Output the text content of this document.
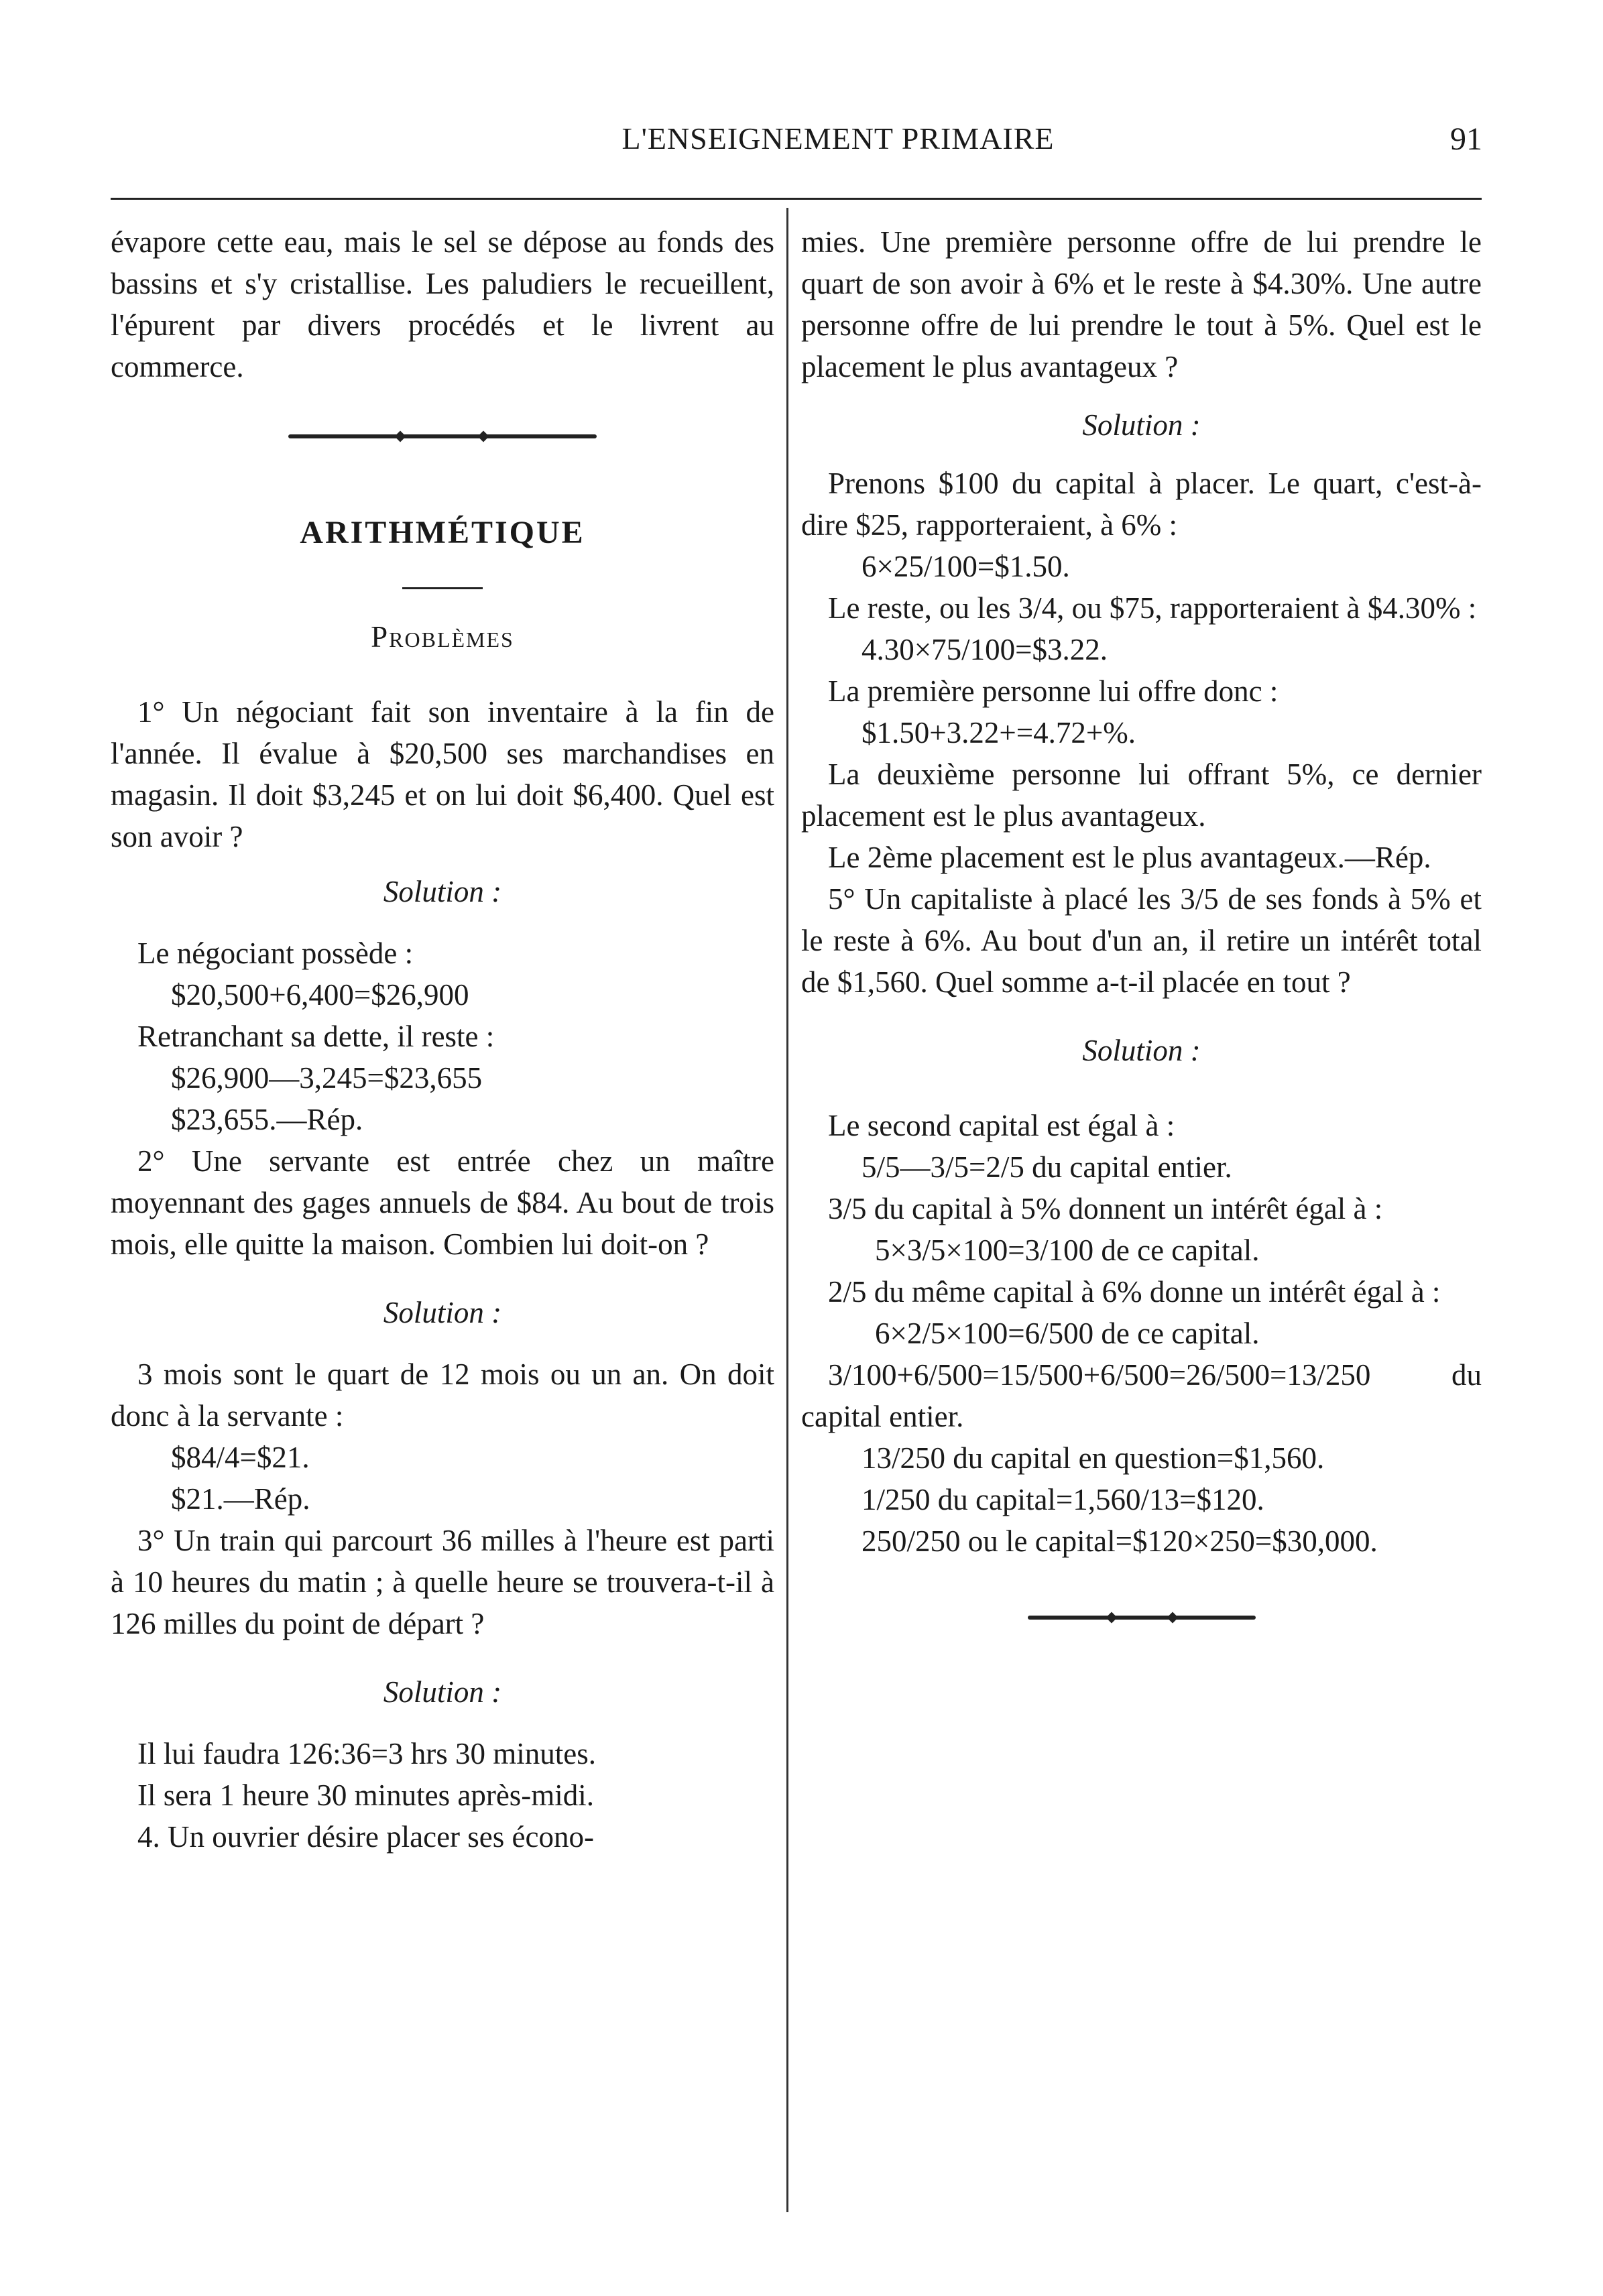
L'ENSEIGNEMENT PRIMAIRE	91

évapore cette eau, mais le sel se dépose au fonds des bassins et s'y cristallise. Les paludiers le recueillent, l'épurent par divers procédés et le livrent au commerce.

ARITHMÉTIQUE

Problèmes

1° Un négociant fait son inventaire à la fin de l'année. Il évalue à $20,500 ses marchandises en magasin. Il doit $3,245 et on lui doit $6,400. Quel est son avoir ?

Solution :

Le négociant possède :

$20,500+6,400=$26,900

Retranchant sa dette, il reste :

$26,900—3,245=$23,655

$23,655.—Rép.

2° Une servante est entrée chez un maître moyennant des gages annuels de $84. Au bout de trois mois, elle quitte la maison. Combien lui doit-on ?

Solution :

3 mois sont le quart de 12 mois ou un an. On doit donc à la servante :

$84/4=$21.

$21.—Rép.

3° Un train qui parcourt 36 milles à l'heure est parti à 10 heures du matin ; à quelle heure se trouvera-t-il à 126 milles du point de départ ?

Solution :

Il lui faudra 126:36=3 hrs 30 minutes.

Il sera 1 heure 30 minutes après-midi.

4. Un ouvrier désire placer ses écono-

mies. Une première personne offre de lui prendre le quart de son avoir à 6% et le reste à $4.30%. Une autre personne offre de lui prendre le tout à 5%. Quel est le placement le plus avantageux ?

Solution :

Prenons $100 du capital à placer. Le quart, c'est-à-dire $25, rapporteraient, à 6% :

6×25/100=$1.50.

Le reste, ou les 3/4, ou $75, rapporteraient à $4.30% :

4.30×75/100=$3.22.

La première personne lui offre donc :

$1.50+3.22+=4.72+%.

La deuxième personne lui offrant 5%, ce dernier placement est le plus avantageux.

Le 2ème placement est le plus avantageux.—Rép.

5° Un capitaliste à placé les 3/5 de ses fonds à 5% et le reste à 6%. Au bout d'un an, il retire un intérêt total de $1,560. Quel somme a-t-il placée en tout ?

Solution :

Le second capital est égal à :

5/5—3/5=2/5 du capital entier.

3/5 du capital à 5% donnent un intérêt égal à :

5×3/5×100=3/100 de ce capital.

2/5 du même capital à 6% donne un intérêt égal à :

6×2/5×100=6/500 de ce capital.

3/100+6/500=15/500+6/500=26/500=13/250 du capital entier.

13/250 du capital en question=$1,560.

1/250 du capital=1,560/13=$120.

250/250 ou le capital=$120×250=$30,000.
